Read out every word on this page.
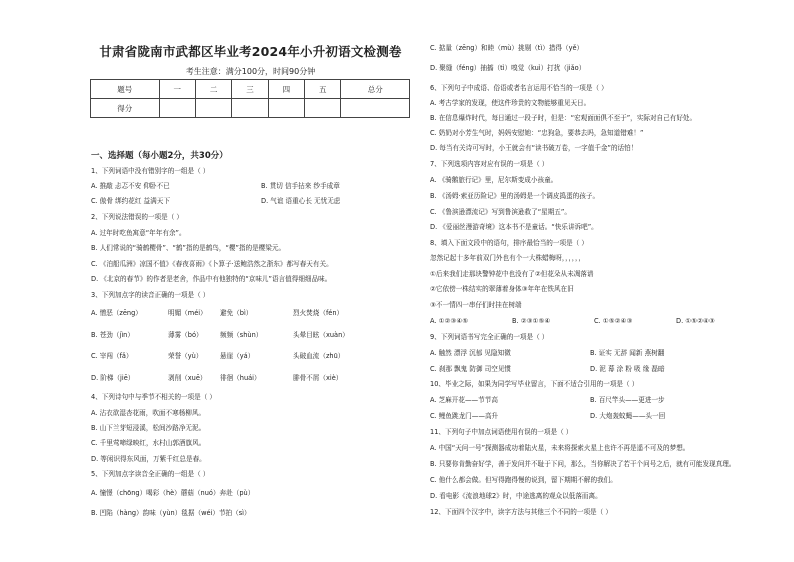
甘肃省陇南市武都区毕业考2024年小升初语文检测卷
考生注意：满分100分，时间90分钟
题号	一	二	三	四	五	总分
得分						
一、选择题（每小题2分，共30分）
1、下列词语中没有错别字的一组是（ ）
A. 推敲 忐忑不安 仰卧不已	B. 贯切 信手拈来 纱手成章
C. 傲骨 绑约花红 益满天下	D. 气谊 语重心长 无忧无虑
2、下列说法错误的一项是（ ）
A. 过年时吃鱼寓意“年年有余”。
B. 人们常说的“骑鹤樱骨”、“鹤”指的是鹤鸟，“樱”指的是樱梁元。
C. 《泊船瓜洲》凉国不值》《春夜喜雨》《卜算子·送鲍浩然之浙东》都写春天有关。
D. 《北京的春节》的作者是老舍，作品中有他独特的“京味儿”语言值得细细品味。
3、下列加点字的读音正确的一项是（ ）
A. 憎恶（zēng）	明媚（méi） 避免（bì）	烈火焚烧（fén）
B. 苍劲（jìn）	薄雾（bó）	频频（shùn）	头晕目眩（xuàn）
C. 宰闯（fǎ）	荣誉（yù）	悬崖（yá）	头破血流（zhū）
D. 阶梯（jiē）	剥削（xuē） 徘徊（huái）	腓骨不屑（xiè）
4、下列诗句中与季节不相关的一项是（ ）
A. 沾衣欲湿杏花雨，吹面不寒杨柳风。
B. 山下兰芽短浸溪，松间沙路净无泥。
C. 千里莺啼绿映红，水村山郭酒旗风。
D. 等闲识得东风面，万紫千红总是春。
5、下列加点字读音全正确的一组是（ ）
A. 憧憬（chōng）喝彩（hè）蘑菇（nuó）奔赴（pù）
B. 凹陷（hàng）韵味（yùn）毯据（wéi）节拍（sì）
C. 掂量（zēng）和睦（mù）挑剔（tì）措得（yě）
D. 聚缝（féng）抽搐（tì）嗅觉（kuì）打扰（jiǎo）
6、下列句子中成语、俗语或者名言运用不恰当的一项是（ ）
A. 考古学家的发现，使这件珍贵的文物能够重见天日。
B. 在信息爆炸时代，每日通过一段子时，但是：“宏观面面俱不至于”，实际对自己有好处。
C. 奶奶对小芳生气时，妈妈安慰她：“忠狗急，要恭去吗，急知道错难！”
D. 每当有关诗可写时，小王就会有“读书破万卷，一字值千金”的话怕！
7、下列选项内容对应有误的一项是（ ）
A. 《骑鹅旅行记》里，尼尔斯变成小孩童。
B. 《汤姆·索亚历险记》里的汤姆是一个调皮捣蛋的孩子。
C. 《鲁滨逊漂流记》写到鲁滨逊救了“星期五”。
D. 《爱丽丝漫游奇境》这本书不是童话。“快乐讲诉吧”。
8、填入下面文段中的语句，排序最恰当的一项是（ ）
忽然记起十多年前双门外也有个一大株蜡梅呀，，，，，，
①后来我们走那块警钟花中也没有了②但花朵从未凋落谱
②它依傍一株结实的翠薄着身体③年年在铁风在旧
③不一情四一串仔们时挂在树端
A. ①②③④⑤	B. ②③①⑤④	C. ①⑤②④③	D. ①⑤②④③
9、下列词语书写完全正确的一项是（ ）
A. 触然 漂浮 沉郁 见隐知微	B. 证实 无辞 闻新 燕树翻
C. 刹那 飘鬼 防御 司空见惯	D. 泥 幕 涂 粉 吸 缘 磊暗
10、毕业之际，如果为同学写毕业留言，下面不适合引用的一项是（ ）
A. 芝麻开花——节节高	B. 百尺竿头——更进一步
C. 鲤鱼跳龙门——高升	D. 大炮轰蚊蝇——头一回
11、下列句子中加点词语使用有误的一项是（ ）
A. 中国“天问一号”探测器成功着陆火星，未来将探索火星上也许不再是遥不可及的梦想。
B. 只要你肯勤奋好学，善于发问并不耻于下问，那么，当你解决了若干个问号之后，就有可能发现真理。
C. 他什么都会做。但写得跑得慢的说到，留下期期不解的我们。
D. 看电影《流浪地球2》时，中途逃离的观众以低落而离。
12、下面四个汉字中，读字方法与其他三个不同的一项是（ ）
